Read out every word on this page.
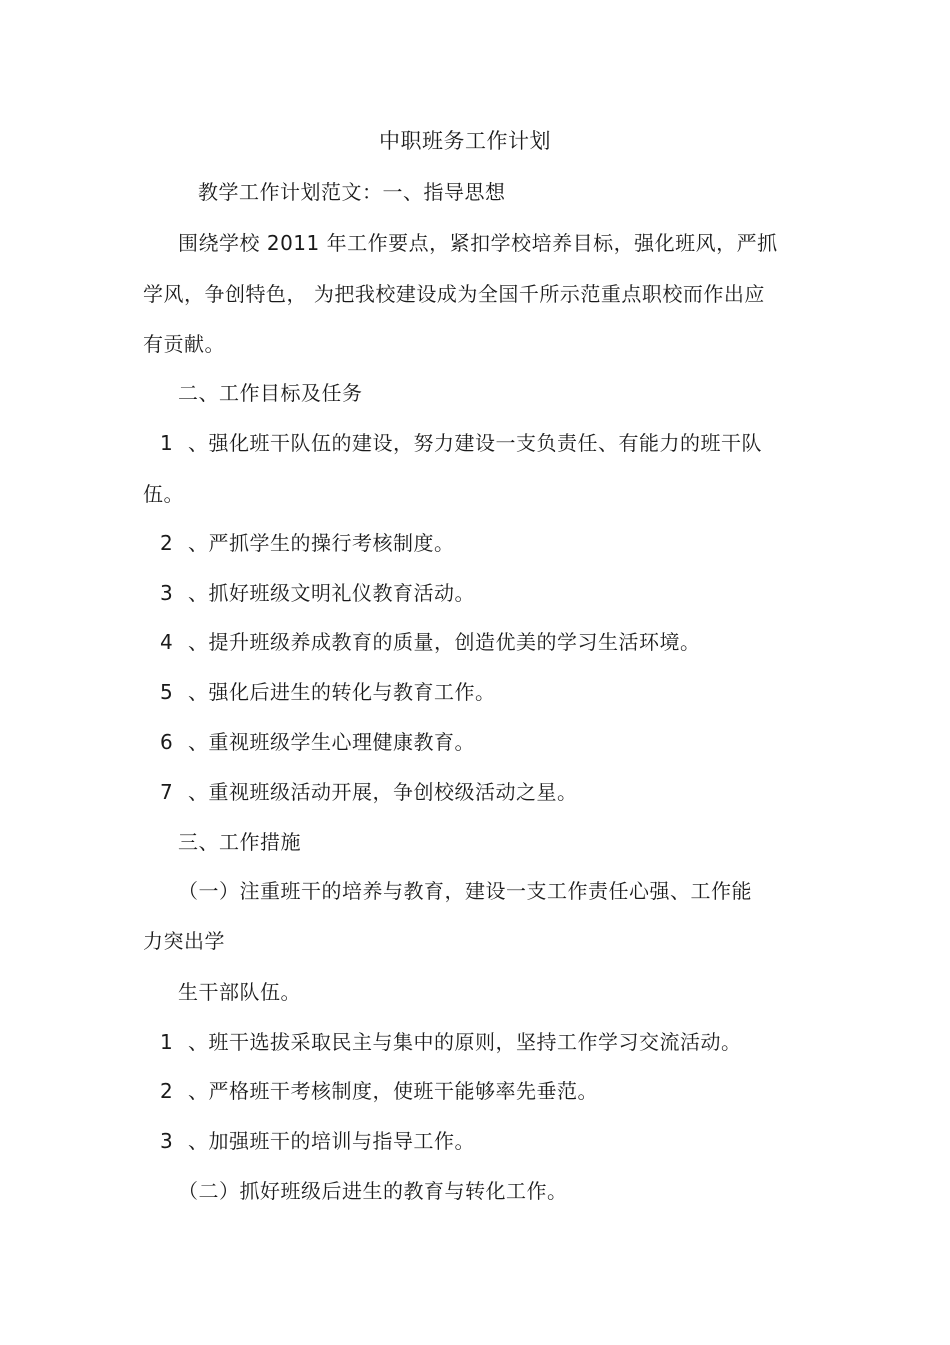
中职班务工作计划
教学工作计划范文：一、指导思想
围绕学校 2011 年工作要点，紧扣学校培养目标，强化班风，严抓
学风，争创特色， 为把我校建设成为全国千所示范重点职校而作出应
有贡献。
二、工作目标及任务
1 、强化班干队伍的建设，努力建设一支负责任、有能力的班干队
伍。
2 、严抓学生的操行考核制度。
3 、抓好班级文明礼仪教育活动。
4 、提升班级养成教育的质量，创造优美的学习生活环境。
5 、强化后进生的转化与教育工作。
6 、重视班级学生心理健康教育。
7 、重视班级活动开展，争创校级活动之星。
三、工作措施
（一）注重班干的培养与教育，建设一支工作责任心强、工作能
力突出学
生干部队伍。
1 、班干选拔采取民主与集中的原则，坚持工作学习交流活动。
2 、严格班干考核制度，使班干能够率先垂范。
3 、加强班干的培训与指导工作。
（二）抓好班级后进生的教育与转化工作。
